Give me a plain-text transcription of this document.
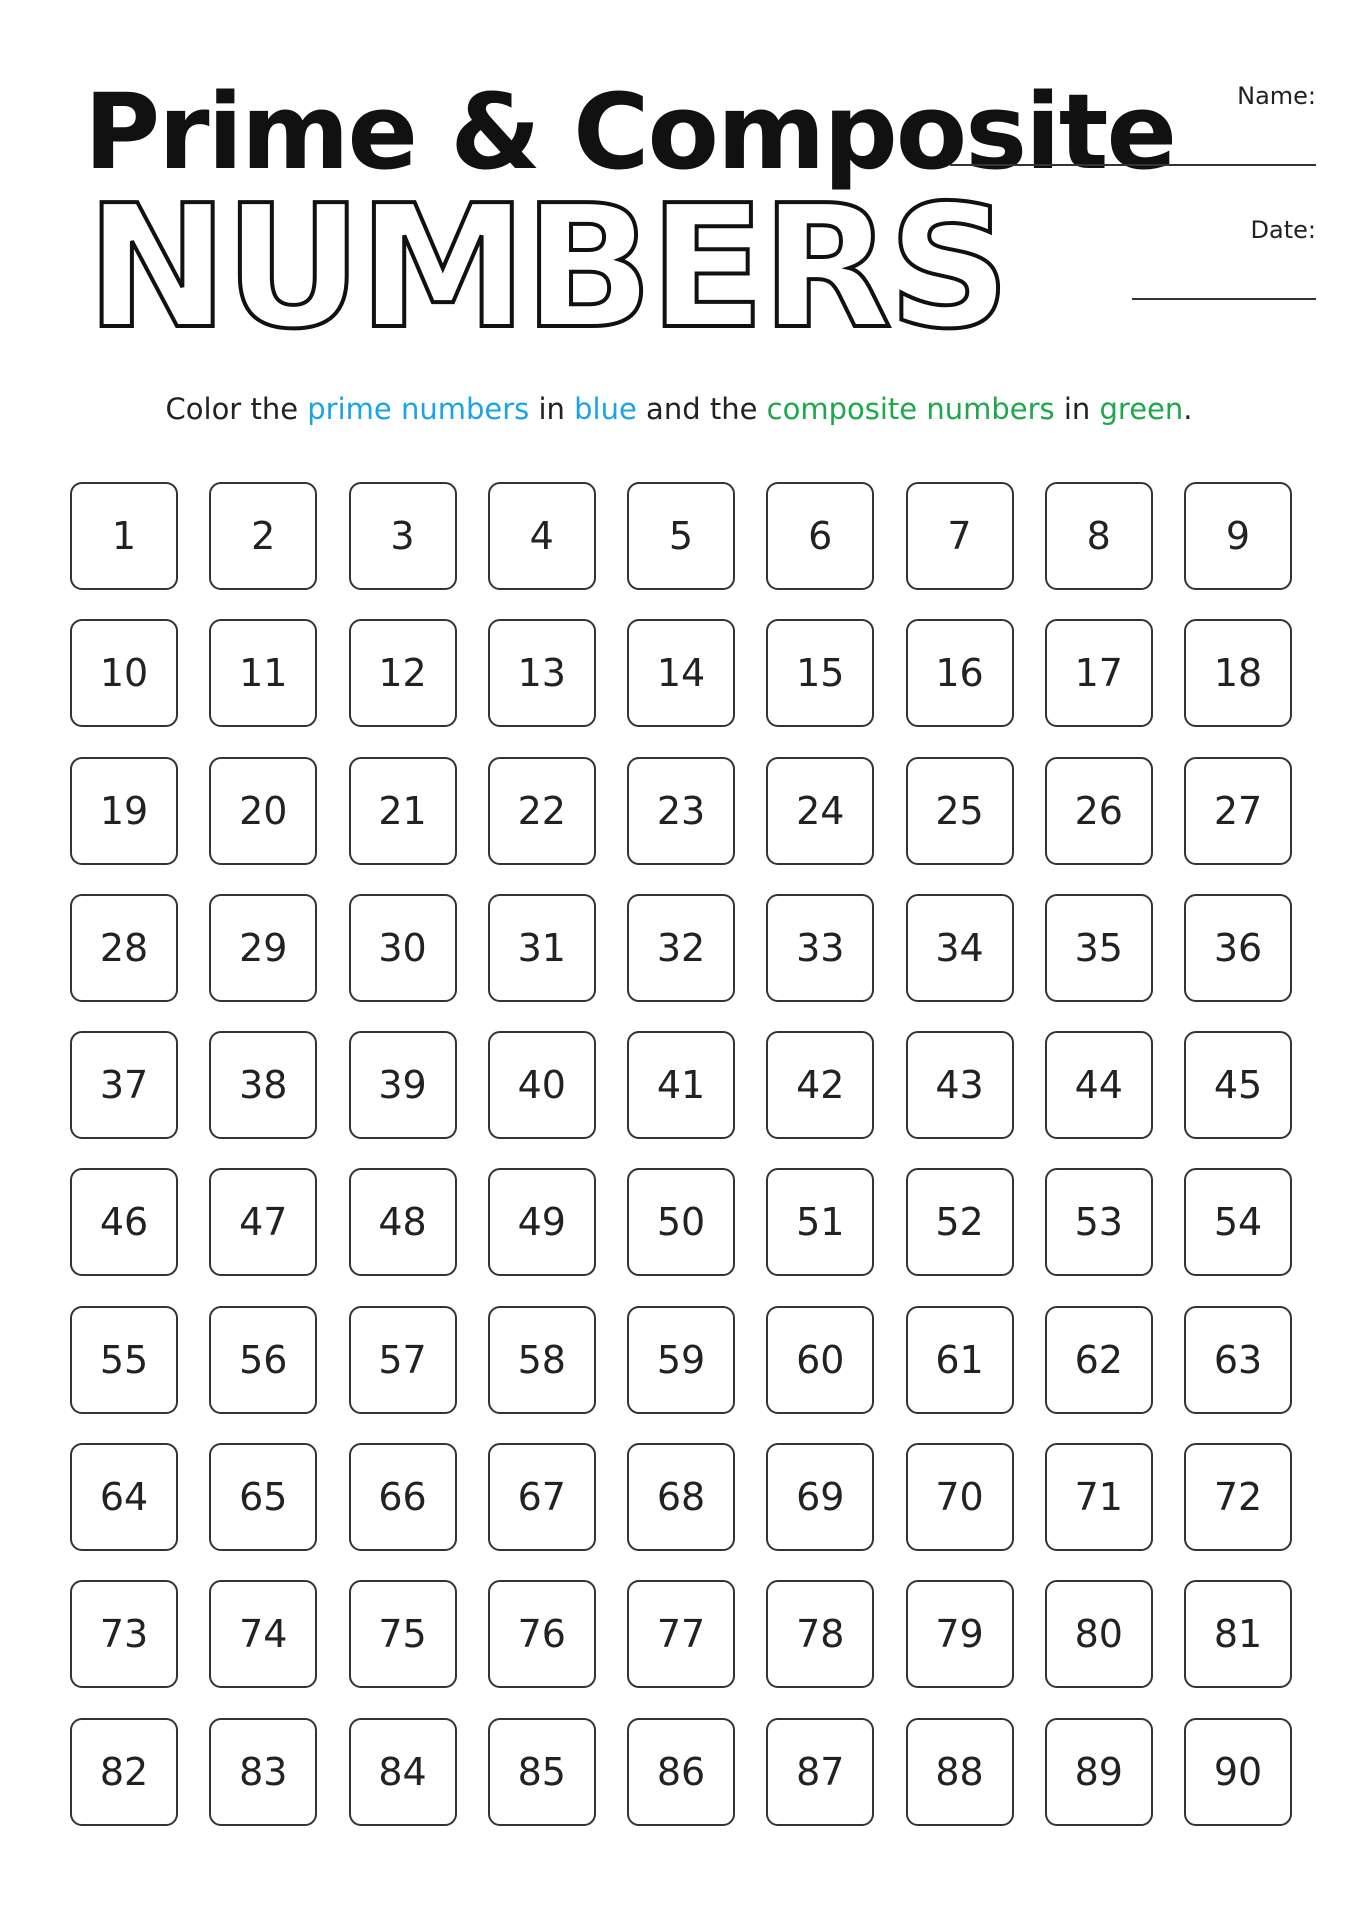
Prime & Composite
NUMBERS
Name:
Date:
Color the prime numbers in blue and the composite numbers in green.
1	2	3	4	5	6	7	8	9
10	11	12	13	14	15	16	17	18
19	20	21	22	23	24	25	26	27
28	29	30	31	32	33	34	35	36
37	38	39	40	41	42	43	44	45
46	47	48	49	50	51	52	53	54
55	56	57	58	59	60	61	62	63
64	65	66	67	68	69	70	71	72
73	74	75	76	77	78	79	80	81
82	83	84	85	86	87	88	89	90
